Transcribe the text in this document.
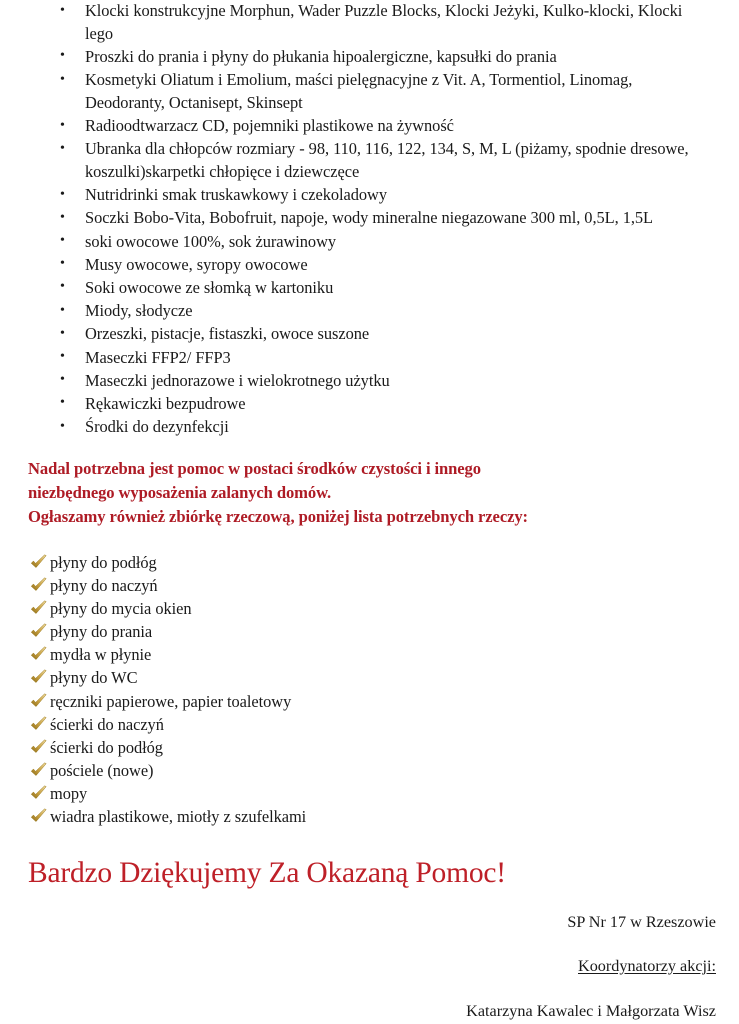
• Klocki konstrukcyjne Morphun, Wader Puzzle Blocks, Klocki Jeżyki, Kulko-klocki, Klocki lego
• Proszki do prania i płyny do płukania hipoalergiczne, kapsułki do prania
• Kosmetyki Oliatum i Emolium, maści pielęgnacyjne z Vit. A, Tormentiol, Linomag, Deodoranty, Octanisept, Skinsept
• Radioodtwarzacz CD, pojemniki plastikowe na żywność
• Ubranka dla chłopców rozmiary - 98, 110, 116, 122, 134, S, M, L (piżamy, spodnie dresowe, koszulki)skarpetki chłopięce i dziewczęce
• Nutridrinki smak truskawkowy i czekoladowy
• Soczki Bobo-Vita, Bobofruit, napoje, wody mineralne niegazowane 300 ml, 0,5L, 1,5L
• soki owocowe 100%, sok żurawinowy
• Musy owocowe, syropy owocowe
• Soki owocowe ze słomką w kartoniku
• Miody, słodycze
• Orzeszki, pistacje, fistaszki, owoce suszone
• Maseczki FFP2/ FFP3
• Maseczki jednorazowe i wielokrotnego użytku
• Rękawiczki bezpudrowe
• Środki do dezynfekcji
Nadal potrzebna jest pomoc w postaci środków czystości i innego
niezbędnego wyposażenia zalanych domów.
Ogłaszamy również zbiórkę rzeczową, poniżej lista potrzebnych rzeczy:
płyny do podłóg
płyny do naczyń
płyny do mycia okien
płyny do prania
mydła w płynie
płyny do WC
ręczniki papierowe, papier toaletowy
ścierki do naczyń
ścierki do podłóg
pościele (nowe)
mopy
wiadra plastikowe, miotły z szufelkami
Bardzo Dziękujemy Za Okazaną Pomoc!
SP Nr 17 w Rzeszowie
Koordynatorzy akcji:
Katarzyna Kawalec i Małgorzata Wisz
